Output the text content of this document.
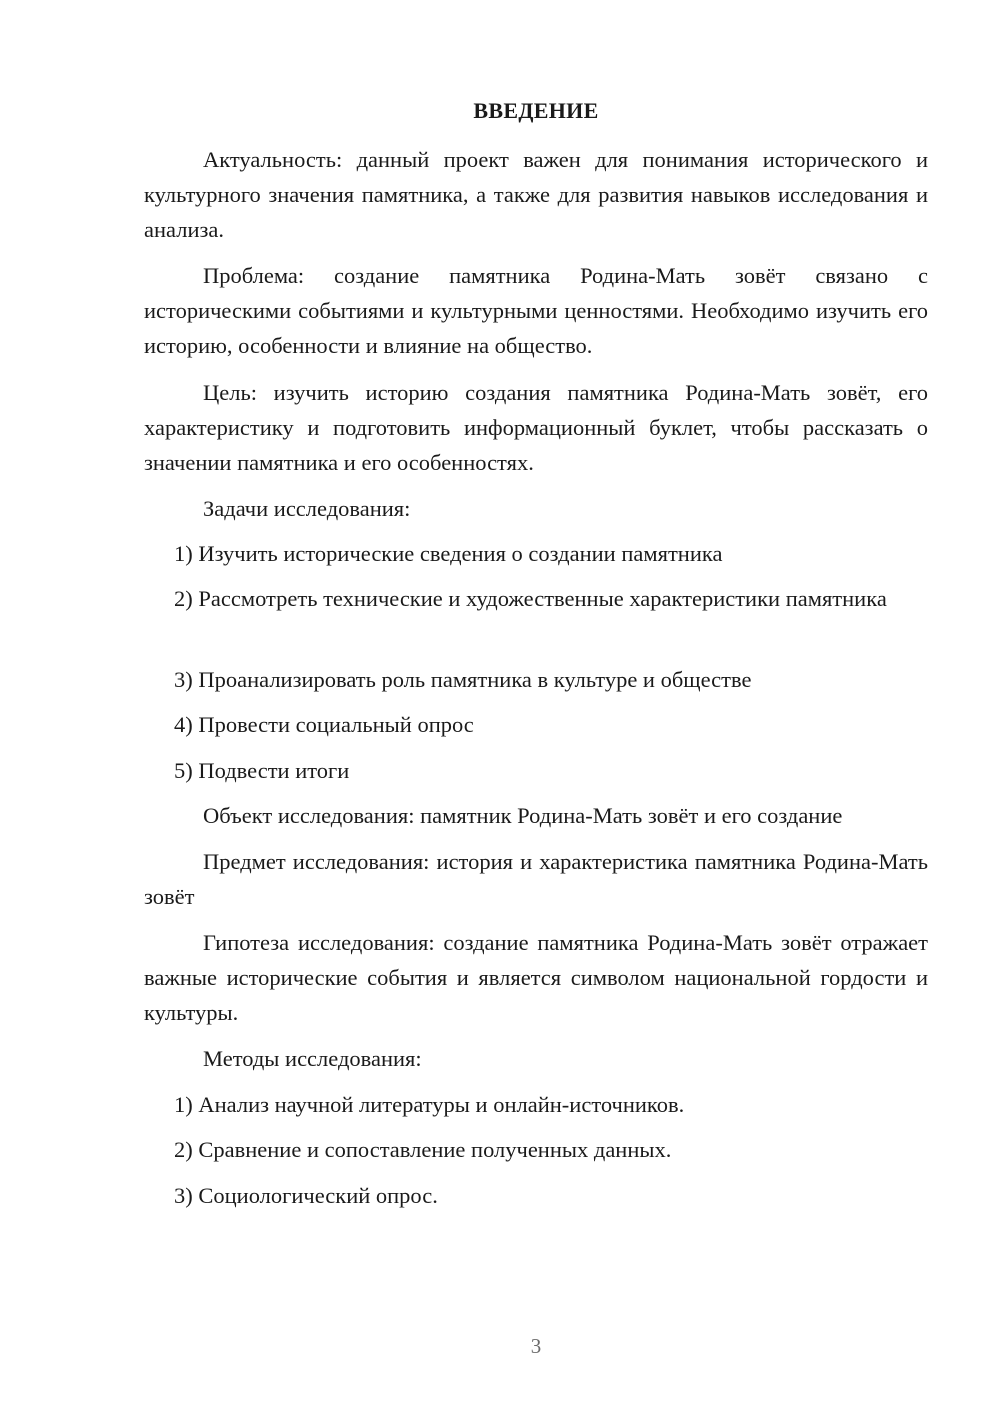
ВВЕДЕНИЕ

Актуальность: данный проект важен для понимания исторического и культурного значения памятника, а также для развития навыков исследования и анализа.

Проблема: создание памятника Родина-Мать зовёт связано с историческими событиями и культурными ценностями. Необходимо изучить его историю, особенности и влияние на общество.

Цель: изучить историю создания памятника Родина-Мать зовёт, его характеристику и подготовить информационный буклет, чтобы рассказать о значении памятника и его особенностях.

Задачи исследования:

1) Изучить исторические сведения о создании памятника

2) Рассмотреть технические и художественные характеристики памятника

3) Проанализировать роль памятника в культуре и обществе

4) Провести социальный опрос

5) Подвести итоги

Объект исследования: памятник Родина-Мать зовёт и его создание

Предмет исследования: история и характеристика памятника Родина-Мать зовёт

Гипотеза исследования: создание памятника Родина-Мать зовёт отражает важные исторические события и является символом национальной гордости и культуры.

Методы исследования:

1) Анализ научной литературы и онлайн-источников.

2) Сравнение и сопоставление полученных данных.

3) Социологический опрос.

3
